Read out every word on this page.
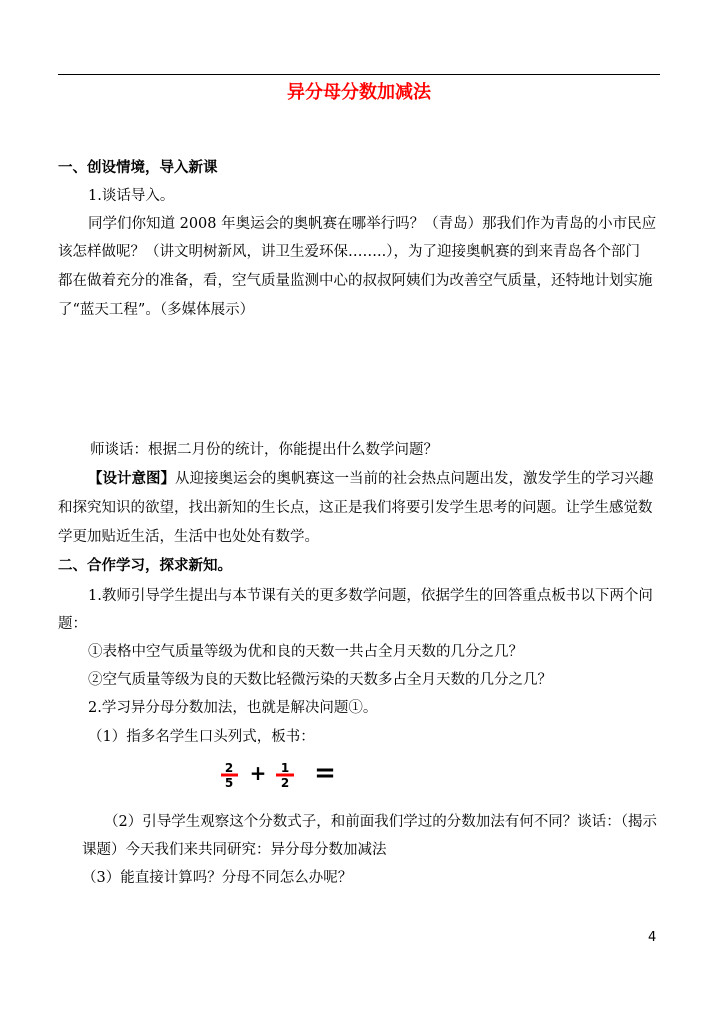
异分母分数加减法
一、创设情境，导入新课
1.谈话导入。
同学们你知道 2008 年奥运会的奥帆赛在哪举行吗？（青岛）那我们作为青岛的小市民应
该怎样做呢？（讲文明树新风，讲卫生爱环保……..），为了迎接奥帆赛的到来青岛各个部门
都在做着充分的准备，看，空气质量监测中心的叔叔阿姨们为改善空气质量，还特地计划实施
了“蓝天工程”。（多媒体展示）
师谈话：根据二月份的统计，你能提出什么数学问题？
【设计意图】从迎接奥运会的奥帆赛这一当前的社会热点问题出发，激发学生的学习兴趣
和探究知识的欲望，找出新知的生长点，这正是我们将要引发学生思考的问题。让学生感觉数
学更加贴近生活，生活中也处处有数学。
二、合作学习，探求新知。
1.教师引导学生提出与本节课有关的更多数学问题，依据学生的回答重点板书以下两个问
题：
①表格中空气质量等级为优和良的天数一共占全月天数的几分之几？
②空气质量等级为良的天数比轻微污染的天数多占全月天数的几分之几？
2.学习异分母分数加法，也就是解决问题①。
（1）指多名学生口头列式，板书：
2
5 + 1
2 =
（2）引导学生观察这个分数式子，和前面我们学过的分数加法有何不同？谈话：（揭示
课题）今天我们来共同研究：异分母分数加减法
（3）能直接计算吗？分母不同怎么办呢？
4
